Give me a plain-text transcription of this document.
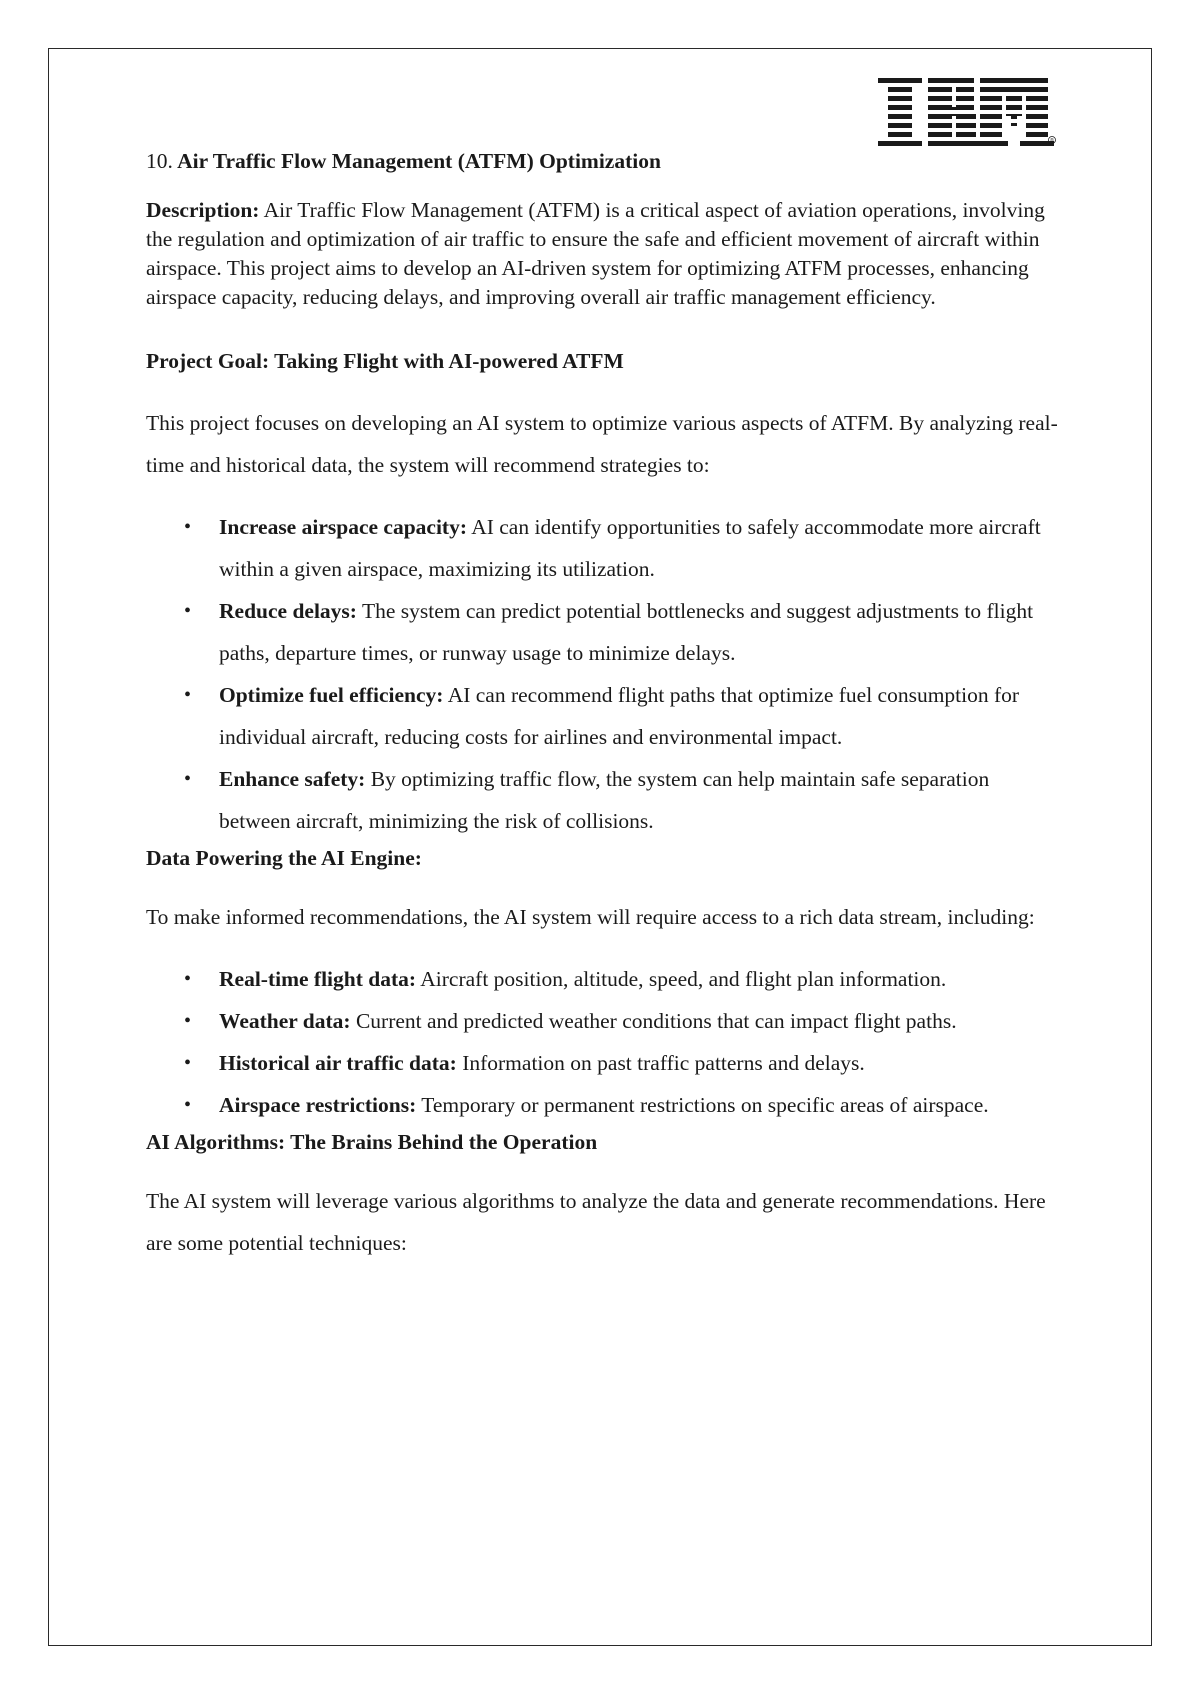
®

10. Air Traffic Flow Management (ATFM) Optimization

Description: Air Traffic Flow Management (ATFM) is a critical aspect of aviation operations, involving the regulation and optimization of air traffic to ensure the safe and efficient movement of aircraft within airspace. This project aims to develop an AI-driven system for optimizing ATFM processes, enhancing airspace capacity, reducing delays, and improving overall air traffic management efficiency.

Project Goal: Taking Flight with AI-powered ATFM

This project focuses on developing an AI system to optimize various aspects of ATFM. By analyzing real-time and historical data, the system will recommend strategies to:

• Increase airspace capacity: AI can identify opportunities to safely accommodate more aircraft within a given airspace, maximizing its utilization.
• Reduce delays: The system can predict potential bottlenecks and suggest adjustments to flight paths, departure times, or runway usage to minimize delays.
• Optimize fuel efficiency: AI can recommend flight paths that optimize fuel consumption for individual aircraft, reducing costs for airlines and environmental impact.
• Enhance safety: By optimizing traffic flow, the system can help maintain safe separation between aircraft, minimizing the risk of collisions.

Data Powering the AI Engine:

To make informed recommendations, the AI system will require access to a rich data stream, including:

• Real-time flight data: Aircraft position, altitude, speed, and flight plan information.
• Weather data: Current and predicted weather conditions that can impact flight paths.
• Historical air traffic data: Information on past traffic patterns and delays.
• Airspace restrictions: Temporary or permanent restrictions on specific areas of airspace.

AI Algorithms: The Brains Behind the Operation

The AI system will leverage various algorithms to analyze the data and generate recommendations. Here are some potential techniques:
